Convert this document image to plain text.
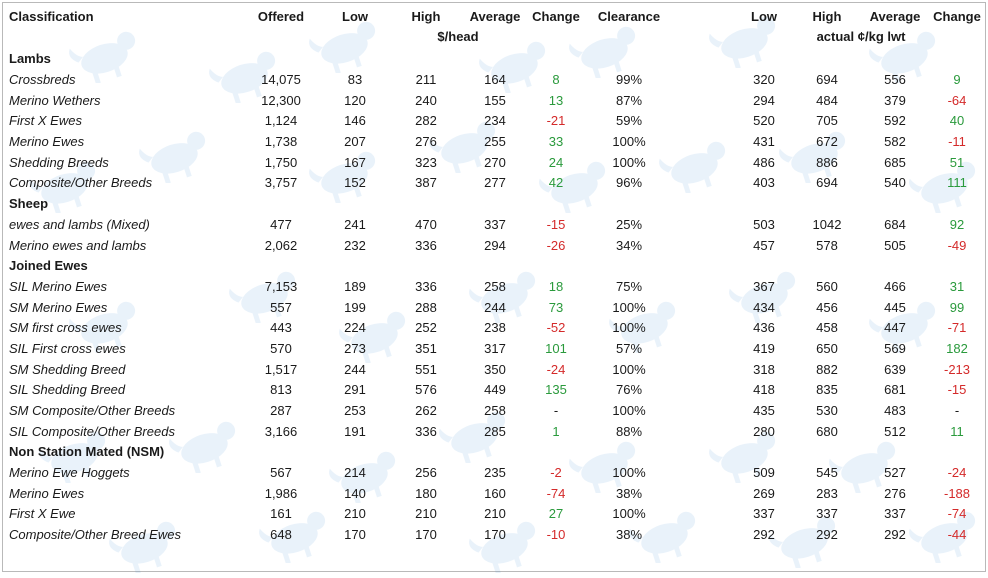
Classification	Offered	Low	High	Average	Change	Clearance		Low	High	Average	Change
			$/head						actual ¢/kg lwt		
Lambs											
Crossbreds	14,075	83	211	164	8	99%		320	694	556	9
Merino Wethers	12,300	120	240	155	13	87%		294	484	379	-64
First X Ewes	1,124	146	282	234	-21	59%		520	705	592	40
Merino Ewes	1,738	207	276	255	33	100%		431	672	582	-11
Shedding Breeds	1,750	167	323	270	24	100%		486	886	685	51
Composite/Other Breeds	3,757	152	387	277	42	96%		403	694	540	111
Sheep											
ewes and lambs (Mixed)	477	241	470	337	-15	25%		503	1042	684	92
Merino ewes and lambs	2,062	232	336	294	-26	34%		457	578	505	-49
Joined Ewes											
SIL Merino Ewes	7,153	189	336	258	18	75%		367	560	466	31
SM Merino Ewes	557	199	288	244	73	100%		434	456	445	99
SM first cross ewes	443	224	252	238	-52	100%		436	458	447	-71
SIL First cross ewes	570	273	351	317	101	57%		419	650	569	182
SM Shedding Breed	1,517	244	551	350	-24	100%		318	882	639	-213
SIL Shedding Breed	813	291	576	449	135	76%		418	835	681	-15
SM Composite/Other Breeds	287	253	262	258	-	100%		435	530	483	-
SIL Composite/Other Breeds	3,166	191	336	285	1	88%		280	680	512	11
Non Station Mated (NSM)											
Merino Ewe Hoggets	567	214	256	235	-2	100%		509	545	527	-24
Merino Ewes	1,986	140	180	160	-74	38%		269	283	276	-188
First X Ewe	161	210	210	210	27	100%		337	337	337	-74
Composite/Other Breed Ewes	648	170	170	170	-10	38%		292	292	292	-44
